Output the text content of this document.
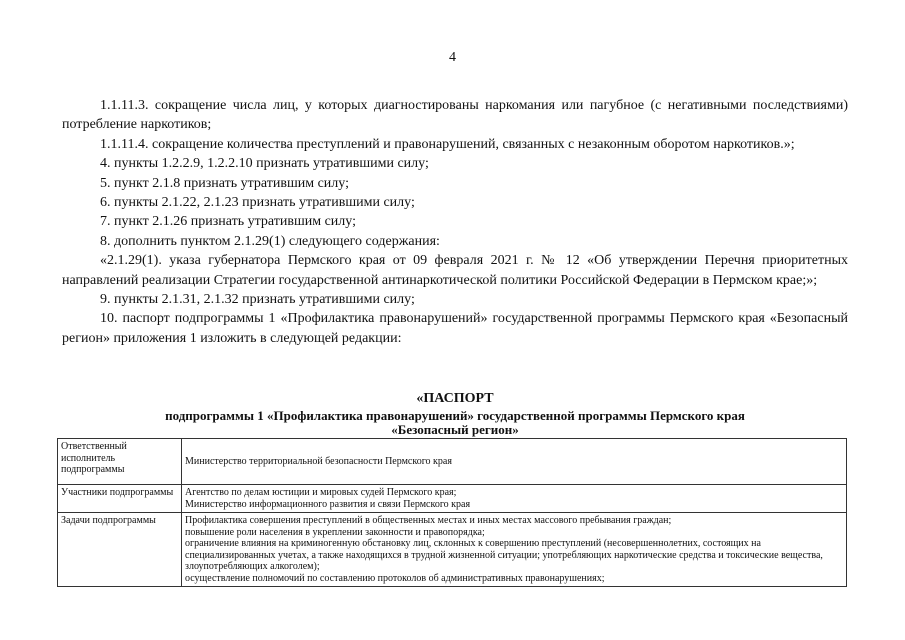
4

1.1.11.3. сокращение числа лиц, у которых диагностированы наркомания или пагубное (с негативными последствиями) потребление наркотиков;

1.1.11.4. сокращение количества преступлений и правонарушений, связанных с незаконным оборотом наркотиков.»;

4. пункты 1.2.2.9, 1.2.2.10 признать утратившими силу;

5. пункт 2.1.8 признать утратившим силу;

6. пункты 2.1.22, 2.1.23 признать утратившими силу;

7. пункт 2.1.26 признать утратившим силу;

8. дополнить пунктом 2.1.29(1) следующего содержания:

«2.1.29(1). указа губернатора Пермского края от 09 февраля 2021 г. № 12 «Об утверждении Перечня приоритетных направлений реализации Стратегии государственной антинаркотической политики Российской Федерации в Пермском крае;»;

9. пункты 2.1.31, 2.1.32 признать утратившими силу;

10. паспорт подпрограммы 1 «Профилактика правонарушений» государственной программы Пермского края «Безопасный регион» приложения 1 изложить в следующей редакции:

«ПАСПОРТ
подпрограммы 1 «Профилактика правонарушений» государственной программы Пермского края
«Безопасный регион»
Ответственный исполнитель подпрограммы	Министерство территориальной безопасности Пермского края

Участники подпрограммы	Агентство по делам юстиции и мировых судей Пермского края;
Министерство информационного развития и связи Пермского края

Задачи подпрограммы	Профилактика совершения преступлений в общественных местах и иных местах массового пребывания граждан;
повышение роли населения в укреплении законности и правопорядка;
ограничение влияния на криминогенную обстановку лиц, склонных к совершению преступлений (несовершеннолетних, состоящих на специализированных учетах, а также находящихся в трудной жизненной ситуации; употребляющих наркотические средства и токсические вещества, злоупотребляющих алкоголем);
осуществление полномочий по составлению протоколов об административных правонарушениях;
